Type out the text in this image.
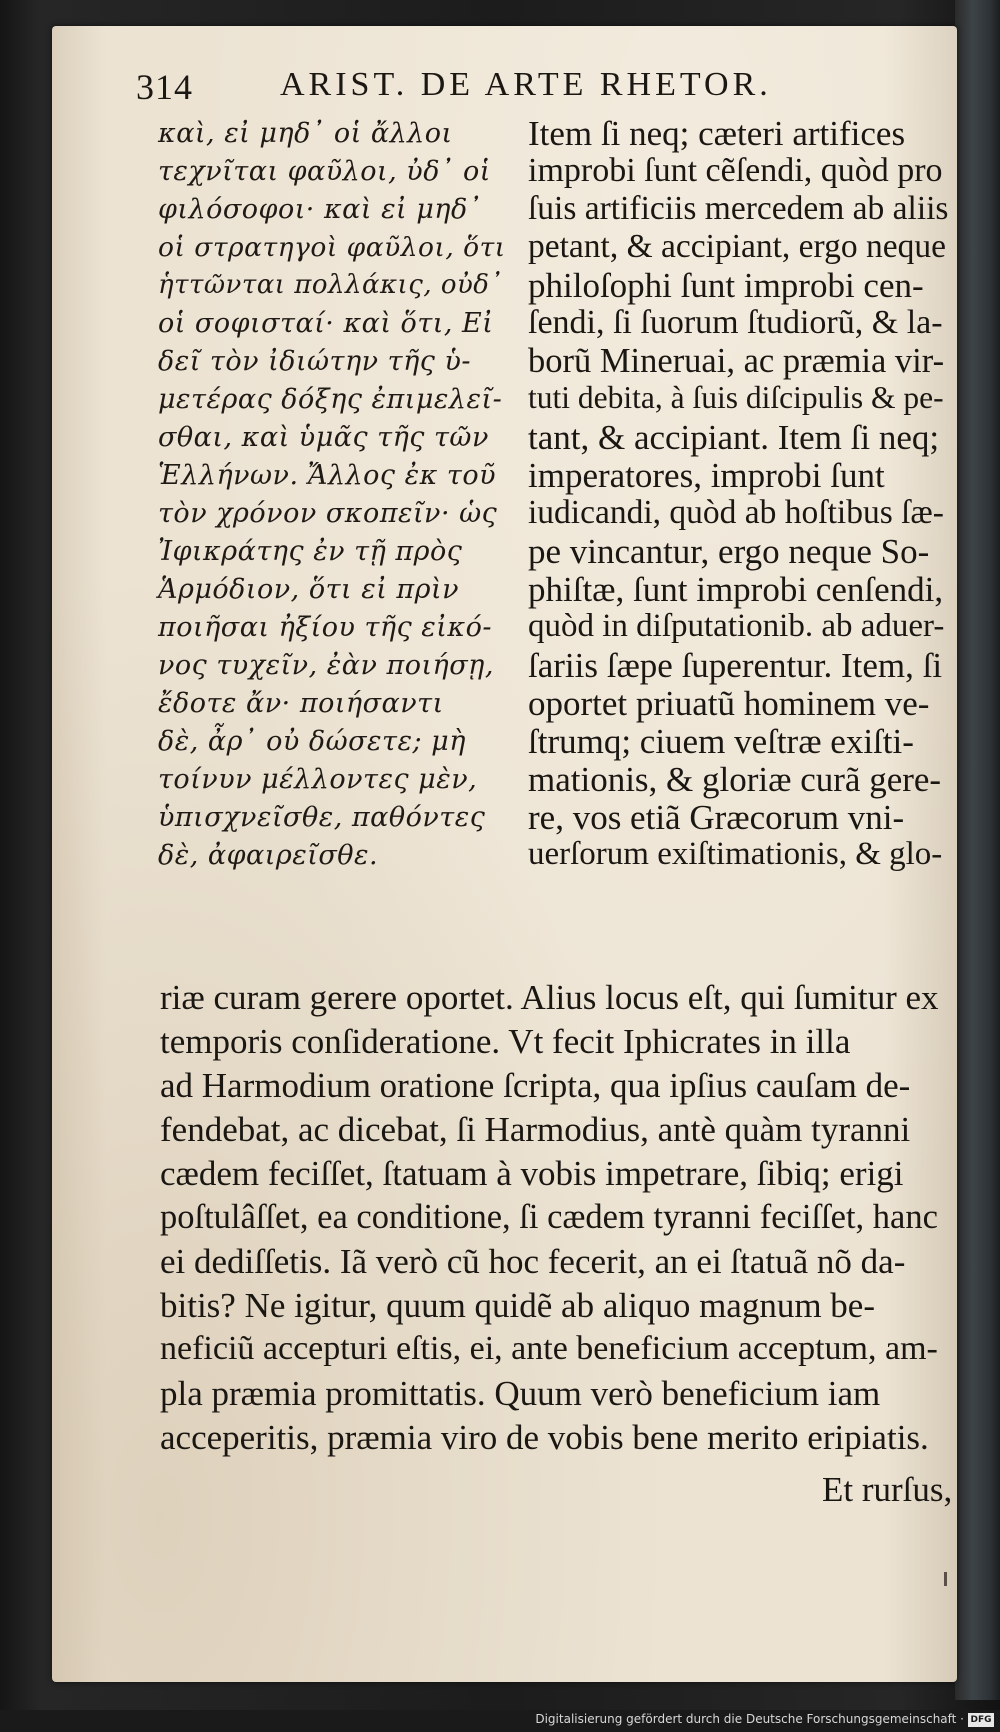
314	ARIST. DE ARTE RHETOR.
καὶ, εἰ μηδ᾽ οἱ ἄλλοι
τεχνῖται φαῦλοι, ὐδ᾽ οἱ
φιλόσοφοι· καὶ εἰ μηδ᾽
οἱ στρατηγοὶ φαῦλοι, ὅτι
ἡττῶνται πολλάκις, οὐδ᾽
οἱ σοφισταί· καὶ ὅτι, Εἰ
δεῖ τὸν ἰδιώτην τῆς ὑ-
μετέρας δόξης ἐπιμελεῖ-
σθαι, καὶ ὑμᾶς τῆς τῶν
Ἑλλήνων. Ἄλλος ἐκ τοῦ
τὸν χρόνον σκοπεῖν· ὡς
Ἰφικράτης ἐν τῇ πρὸς
Ἁρμόδιον, ὅτι εἰ πρὶν
ποιῆσαι ἠξίου τῆς εἰκό-
νος τυχεῖν, ἐὰν ποιήσῃ,
ἔδοτε ἄν· ποιήσαντι
δὲ, ἆρ᾽ οὐ δώσετε; μὴ
τοίνυν μέλλοντες μὲν,
ὑπισχνεῖσθε, παθόντες
δὲ, ἀφαιρεῖσθε.
Item ſi neq; cæteri artifices
improbi ſunt cẽſendi, quòd pro
ſuis artificiis mercedem ab aliis
petant, & accipiant, ergo neque
philoſophi ſunt improbi cen-
ſendi, ſi ſuorum ſtudiorũ, & la-
borũ Mineruai, ac præmia vir-
tuti debita, à ſuis diſcipulis & pe-
tant, & accipiant. Item ſi neq;
imperatores, improbi ſunt
iudicandi, quòd ab hoſtibus ſæ-
pe vincantur, ergo neque So-
phiſtæ, ſunt improbi cenſendi,
quòd in diſputationib. ab aduer-
ſariis ſæpe ſuperentur. Item, ſi
oportet priuatũ hominem ve-
ſtrumq; ciuem veſtræ exiſti-
mationis, & gloriæ curã gere-
re, vos etiã Græcorum vni-
uerſorum exiſtimationis, & glo-
riæ curam gerere oportet. Alius locus eſt, qui ſumitur ex
temporis conſideratione. Vt fecit Iphicrates in illa
ad Harmodium oratione ſcripta, qua ipſius cauſam de-
fendebat, ac dicebat, ſi Harmodius, antè quàm tyranni
cædem feciſſet, ſtatuam à vobis impetrare, ſibiq; erigi
poſtulâſſet, ea conditione, ſi cædem tyranni feciſſet, hanc
ei dediſſetis. Iã verò cũ hoc fecerit, an ei ſtatuã nõ da-
bitis? Ne igitur, quum quidẽ ab aliquo magnum be-
neficiũ accepturi eſtis, ei, ante beneficium acceptum, am-
pla præmia promittatis. Quum verò beneficium iam
acceperitis, præmia viro de vobis bene merito eripiatis.
Et rurſus,
Digitalisierung gefördert durch die Deutsche Forschungsgemeinschaft · DFG
